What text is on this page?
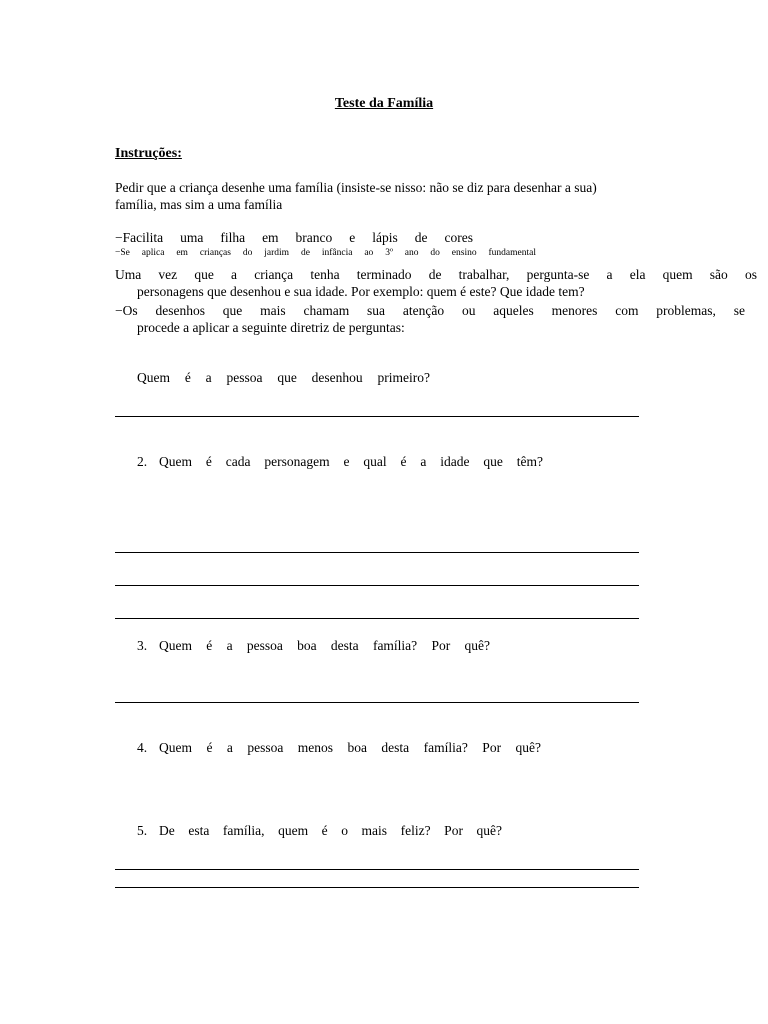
Teste da Família
Instruções:
Pedir que a criança desenhe uma família (insiste-se nisso: não se diz para desenhar a sua)
família, mas sim a uma família
−Facilita uma filha em branco e lápis de cores
−Se aplica em crianças do jardim de infância ao 3º ano do ensino fundamental
Uma vez que a criança tenha terminado de trabalhar, pergunta-se a ela quem são os
personagens que desenhou e sua idade. Por exemplo: quem é este? Que idade tem?
−Os desenhos que mais chamam sua atenção ou aqueles menores com problemas, se
procede a aplicar a seguinte diretriz de perguntas:
Quem é a pessoa que desenhou primeiro?
2. Quem é cada personagem e qual é a idade que têm?
3. Quem é a pessoa boa desta família? Por quê?
4. Quem é a pessoa menos boa desta família? Por quê?
5. De esta família, quem é o mais feliz? Por quê?
